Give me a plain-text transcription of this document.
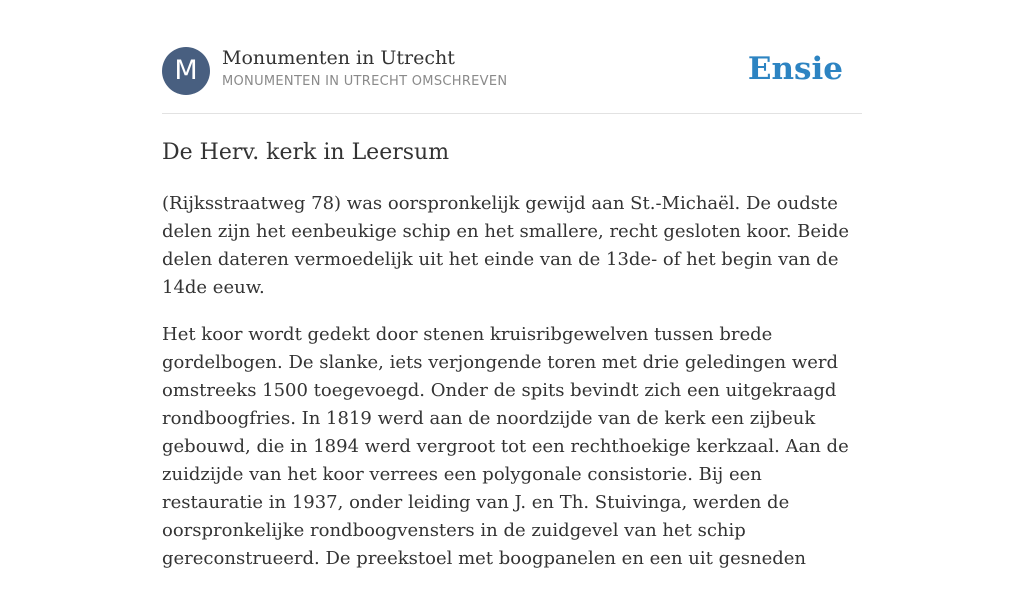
M	Monumenten in Utrecht
MONUMENTEN IN UTRECHT OMSCHREVEN	Ensie
De Herv. kerk in Leersum

(Rijksstraatweg 78) was oorspronkelijk gewijd aan St.-Michaël. De oudste delen zijn het eenbeukige schip en het smallere, recht gesloten koor. Beide delen dateren vermoedelijk uit het einde van de 13de- of het begin van de 14de eeuw.

Het koor wordt gedekt door stenen kruisribgewelven tussen brede gordelbogen. De slanke, iets verjongende toren met drie geledingen werd omstreeks 1500 toegevoegd. Onder de spits bevindt zich een uitgekraagd rondboogfries. In 1819 werd aan de noordzijde van de kerk een zijbeuk gebouwd, die in 1894 werd vergroot tot een rechthoekige kerkzaal. Aan de zuidzijde van het koor verrees een polygonale consistorie. Bij een restauratie in 1937, onder leiding van J. en Th. Stuivinga, werden de oorspronkelijke rondboogvensters in de zuidgevel van het schip gereconstrueerd. De preekstoel met boogpanelen en een uit gesneden
